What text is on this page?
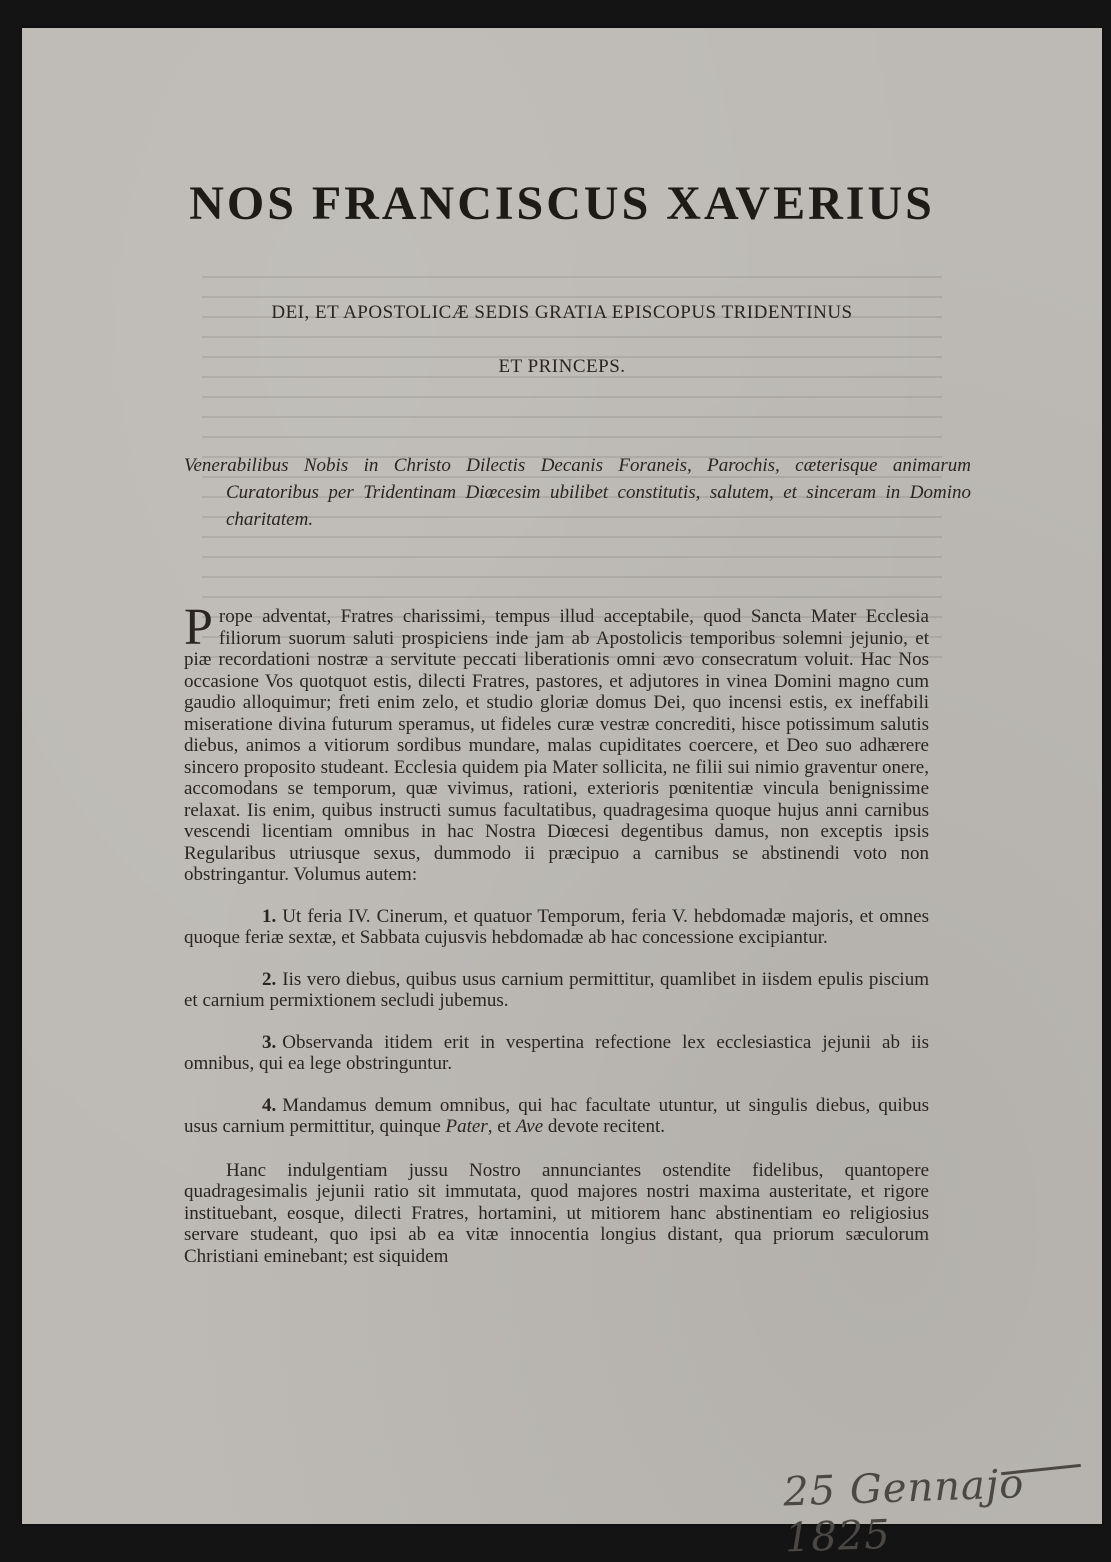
NOS FRANCISCUS XAVERIUS
DEI, ET APOSTOLICÆ SEDIS GRATIA EPISCOPUS TRIDENTINUS
ET PRINCEPS.
Venerabilibus Nobis in Christo Dilectis Decanis Foraneis, Parochis, cæterisque animarum Curatoribus per Tridentinam Diœcesim ubilibet constitutis, salutem, et sinceram in Domino charitatem.

Prope adventat, Fratres charissimi, tempus illud acceptabile, quod Sancta Mater Ecclesia filiorum suorum saluti prospiciens inde jam ab Apostolicis temporibus solemni jejunio, et piæ recordationi nostræ a servitute peccati liberationis omni ævo consecratum voluit. Hac Nos occasione Vos quotquot estis, dilecti Fratres, pastores, et adjutores in vinea Domini magno cum gaudio alloquimur; freti enim zelo, et studio gloriæ domus Dei, quo incensi estis, ex ineffabili miseratione divina futurum speramus, ut fideles curæ vestræ concrediti, hisce potissimum salutis diebus, animos a vitiorum sordibus mundare, malas cupiditates coercere, et Deo suo adhærere sincero proposito studeant. Ecclesia quidem pia Mater sollicita, ne filii sui nimio graventur onere, accomodans se temporum, quæ vivimus, rationi, exterioris pœnitentiæ vincula benignissime relaxat. Iis enim, quibus instructi sumus facultatibus, quadragesima quoque hujus anni carnibus vescendi licentiam omnibus in hac Nostra Diœcesi degentibus damus, non exceptis ipsis Regularibus utriusque sexus, dummodo ii præcipuo a carnibus se abstinendi voto non obstringantur. Volumus autem:

1. Ut feria IV. Cinerum, et quatuor Temporum, feria V. hebdomadæ majoris, et omnes quoque feriæ sextæ, et Sabbata cujusvis hebdomadæ ab hac concessione excipiantur.

2. Iis vero diebus, quibus usus carnium permittitur, quamlibet in iisdem epulis piscium et carnium permixtionem secludi jubemus.

3. Observanda itidem erit in vespertina refectione lex ecclesiastica jejunii ab iis omnibus, qui ea lege obstringuntur.

4. Mandamus demum omnibus, qui hac facultate utuntur, ut singulis diebus, quibus usus carnium permittitur, quinque Pater, et Ave devote recitent.

Hanc indulgentiam jussu Nostro annunciantes ostendite fidelibus, quantopere quadragesimalis jejunii ratio sit immutata, quod majores nostri maxima austeritate, et rigore instituebant, eosque, dilecti Fratres, hortamini, ut mitiorem hanc abstinentiam eo religiosius servare studeant, quo ipsi ab ea vitæ innocentia longius distant, qua priorum sæculorum Christiani eminebant; est siquidem

25 Gennajo 1825
